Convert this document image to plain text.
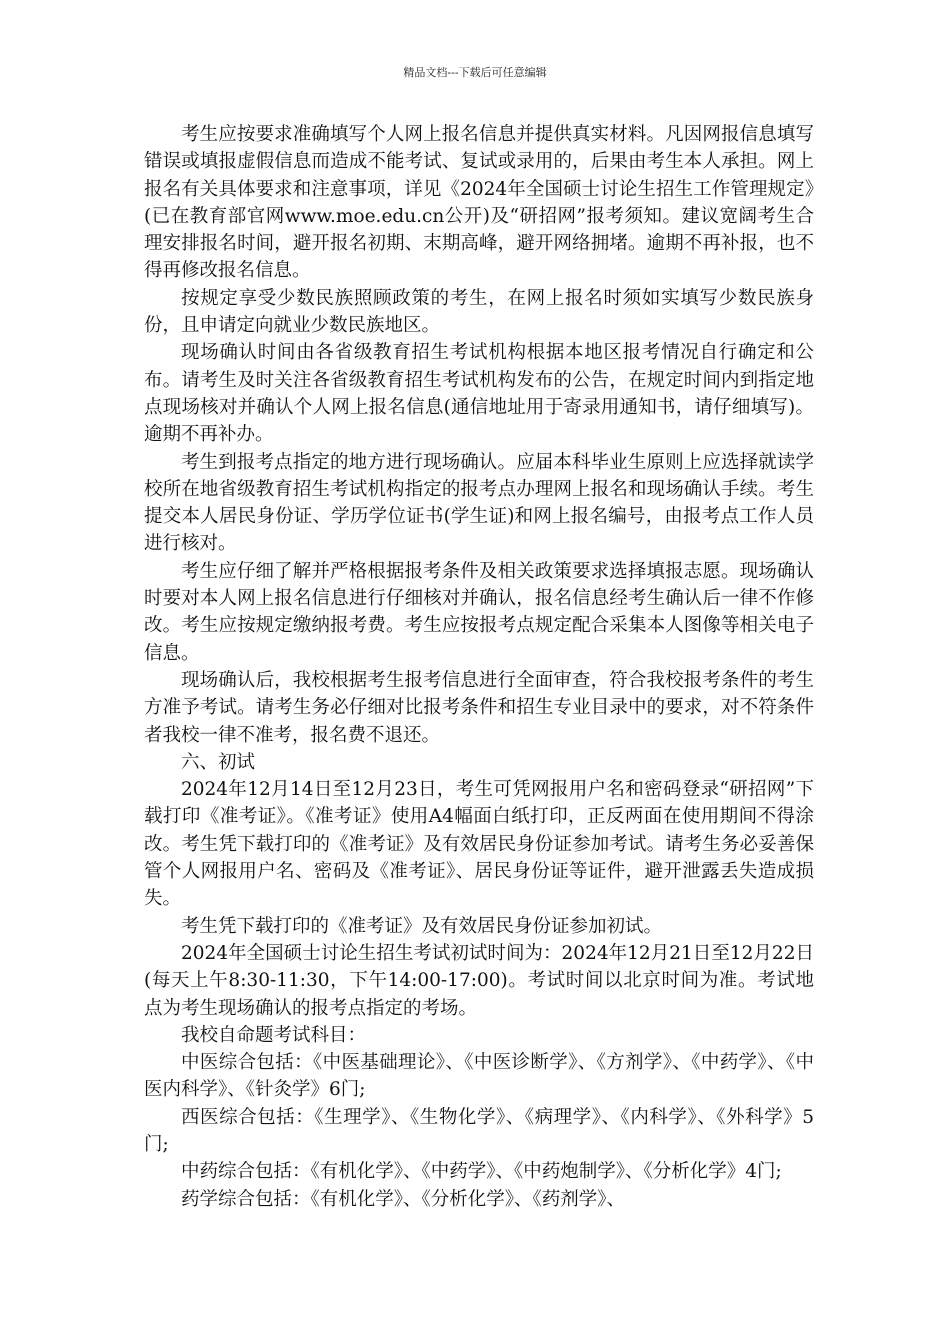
精品文档---下载后可任意编辑

考生应按要求准确填写个人网上报名信息并提供真实材料。凡因网报信息填写错误或填报虚假信息而造成不能考试、复试或录用的，后果由考生本人承担。网上报名有关具体要求和注意事项，详见《2024年全国硕士讨论生招生工作管理规定》(已在教育部官网www.moe.edu.cn公开)及“研招网”报考须知。建议宽阔考生合理安排报名时间，避开报名初期、末期高峰，避开网络拥堵。逾期不再补报，也不得再修改报名信息。

按规定享受少数民族照顾政策的考生，在网上报名时须如实填写少数民族身份，且申请定向就业少数民族地区。

现场确认时间由各省级教育招生考试机构根据本地区报考情况自行确定和公布。请考生及时关注各省级教育招生考试机构发布的公告，在规定时间内到指定地点现场核对并确认个人网上报名信息(通信地址用于寄录用通知书，请仔细填写)。逾期不再补办。

考生到报考点指定的地方进行现场确认。应届本科毕业生原则上应选择就读学校所在地省级教育招生考试机构指定的报考点办理网上报名和现场确认手续。考生提交本人居民身份证、学历学位证书(学生证)和网上报名编号，由报考点工作人员进行核对。

考生应仔细了解并严格根据报考条件及相关政策要求选择填报志愿。现场确认时要对本人网上报名信息进行仔细核对并确认，报名信息经考生确认后一律不作修改。考生应按规定缴纳报考费。考生应按报考点规定配合采集本人图像等相关电子信息。

现场确认后，我校根据考生报考信息进行全面审查，符合我校报考条件的考生方准予考试。请考生务必仔细对比报考条件和招生专业目录中的要求，对不符条件者我校一律不准考，报名费不退还。

六、初试

2024年12月14日至12月23日，考生可凭网报用户名和密码登录“研招网”下载打印《准考证》。《准考证》使用A4幅面白纸打印，正反两面在使用期间不得涂改。考生凭下载打印的《准考证》及有效居民身份证参加考试。请考生务必妥善保管个人网报用户名、密码及《准考证》、居民身份证等证件，避开泄露丢失造成损失。

考生凭下载打印的《准考证》及有效居民身份证参加初试。

2024年全国硕士讨论生招生考试初试时间为：2024年12月21日至12月22日(每天上午8:30-11:30，下午14:00-17:00)。考试时间以北京时间为准。考试地点为考生现场确认的报考点指定的考场。

我校自命题考试科目：

中医综合包括：《中医基础理论》、《中医诊断学》、《方剂学》、《中药学》、《中医内科学》、《针灸学》6门;

西医综合包括：《生理学》、《生物化学》、《病理学》、《内科学》、《外科学》5门;

中药综合包括：《有机化学》、《中药学》、《中药炮制学》、《分析化学》4门;

药学综合包括：《有机化学》、《分析化学》、《药剂学》、
